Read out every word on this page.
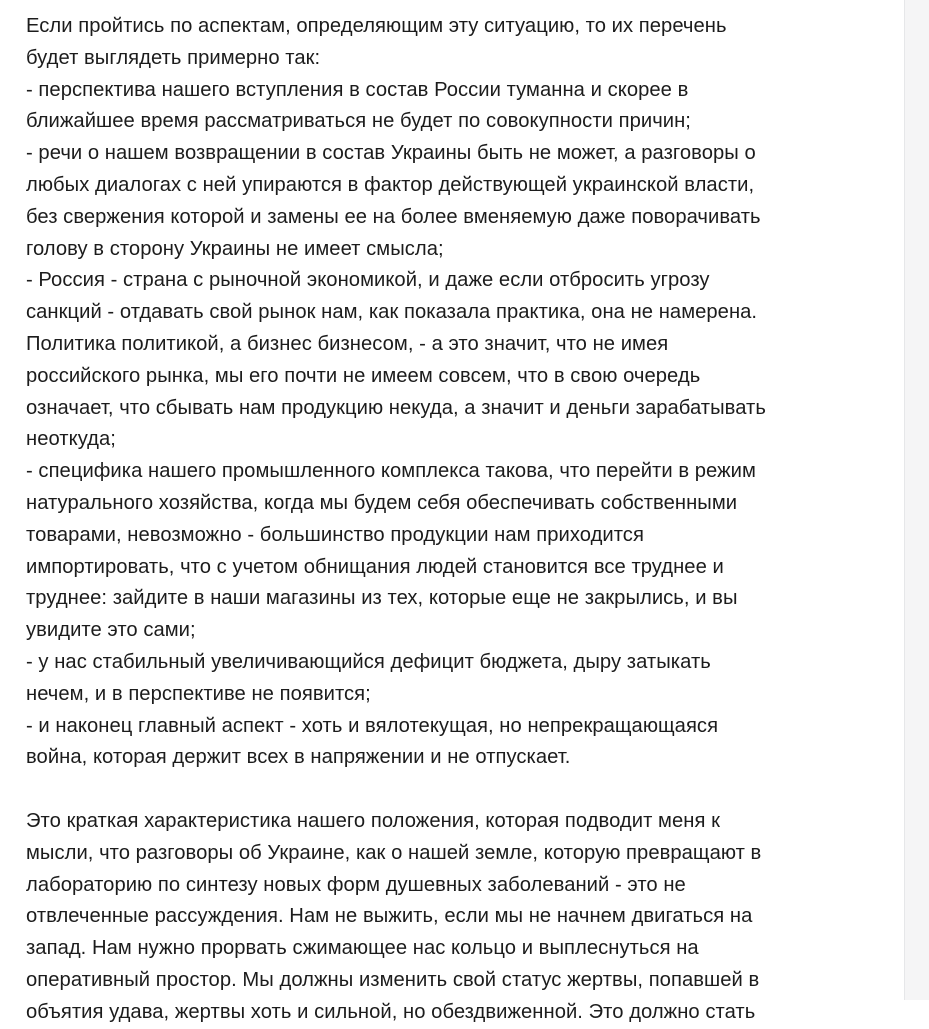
Если пройтись по аспектам, определяющим эту ситуацию, то их перечень
будет выглядеть примерно так:
- перспектива нашего вступления в состав России туманна и скорее в
ближайшее время рассматриваться не будет по совокупности причин;
- речи о нашем возвращении в состав Украины быть не может, а разговоры о
любых диалогах с ней упираются в фактор действующей украинской власти,
без свержения которой и замены ее на более вменяемую даже поворачивать
голову в сторону Украины не имеет смысла;
- Россия - страна с рыночной экономикой, и даже если отбросить угрозу
санкций - отдавать свой рынок нам, как показала практика, она не намерена.
Политика политикой, а бизнес бизнесом, - а это значит, что не имея
российского рынка, мы его почти не имеем совсем, что в свою очередь
означает, что сбывать нам продукцию некуда, а значит и деньги зарабатывать
неоткуда;
- специфика нашего промышленного комплекса такова, что перейти в режим
натурального хозяйства, когда мы будем себя обеспечивать собственными
товарами, невозможно - большинство продукции нам приходится
импортировать, что с учетом обнищания людей становится все труднее и
труднее: зайдите в наши магазины из тех, которые еще не закрылись, и вы
увидите это сами;
- у нас стабильный увеличивающийся дефицит бюджета, дыру затыкать
нечем, и в перспективе не появится;
- и наконец главный аспект - хоть и вялотекущая, но непрекращающаяся
война, которая держит всех в напряжении и не отпускает.
Это краткая характеристика нашего положения, которая подводит меня к
мысли, что разговоры об Украине, как о нашей земле, которую превращают в
лабораторию по синтезу новых форм душевных заболеваний - это не
отвлеченные рассуждения. Нам не выжить, если мы не начнем двигаться на
запад. Нам нужно прорвать сжимающее нас кольцо и выплеснуться на
оперативный простор. Мы должны изменить свой статус жертвы, попавшей в
объятия удава, жертвы хоть и сильной, но обездвиженной. Это должно стать
